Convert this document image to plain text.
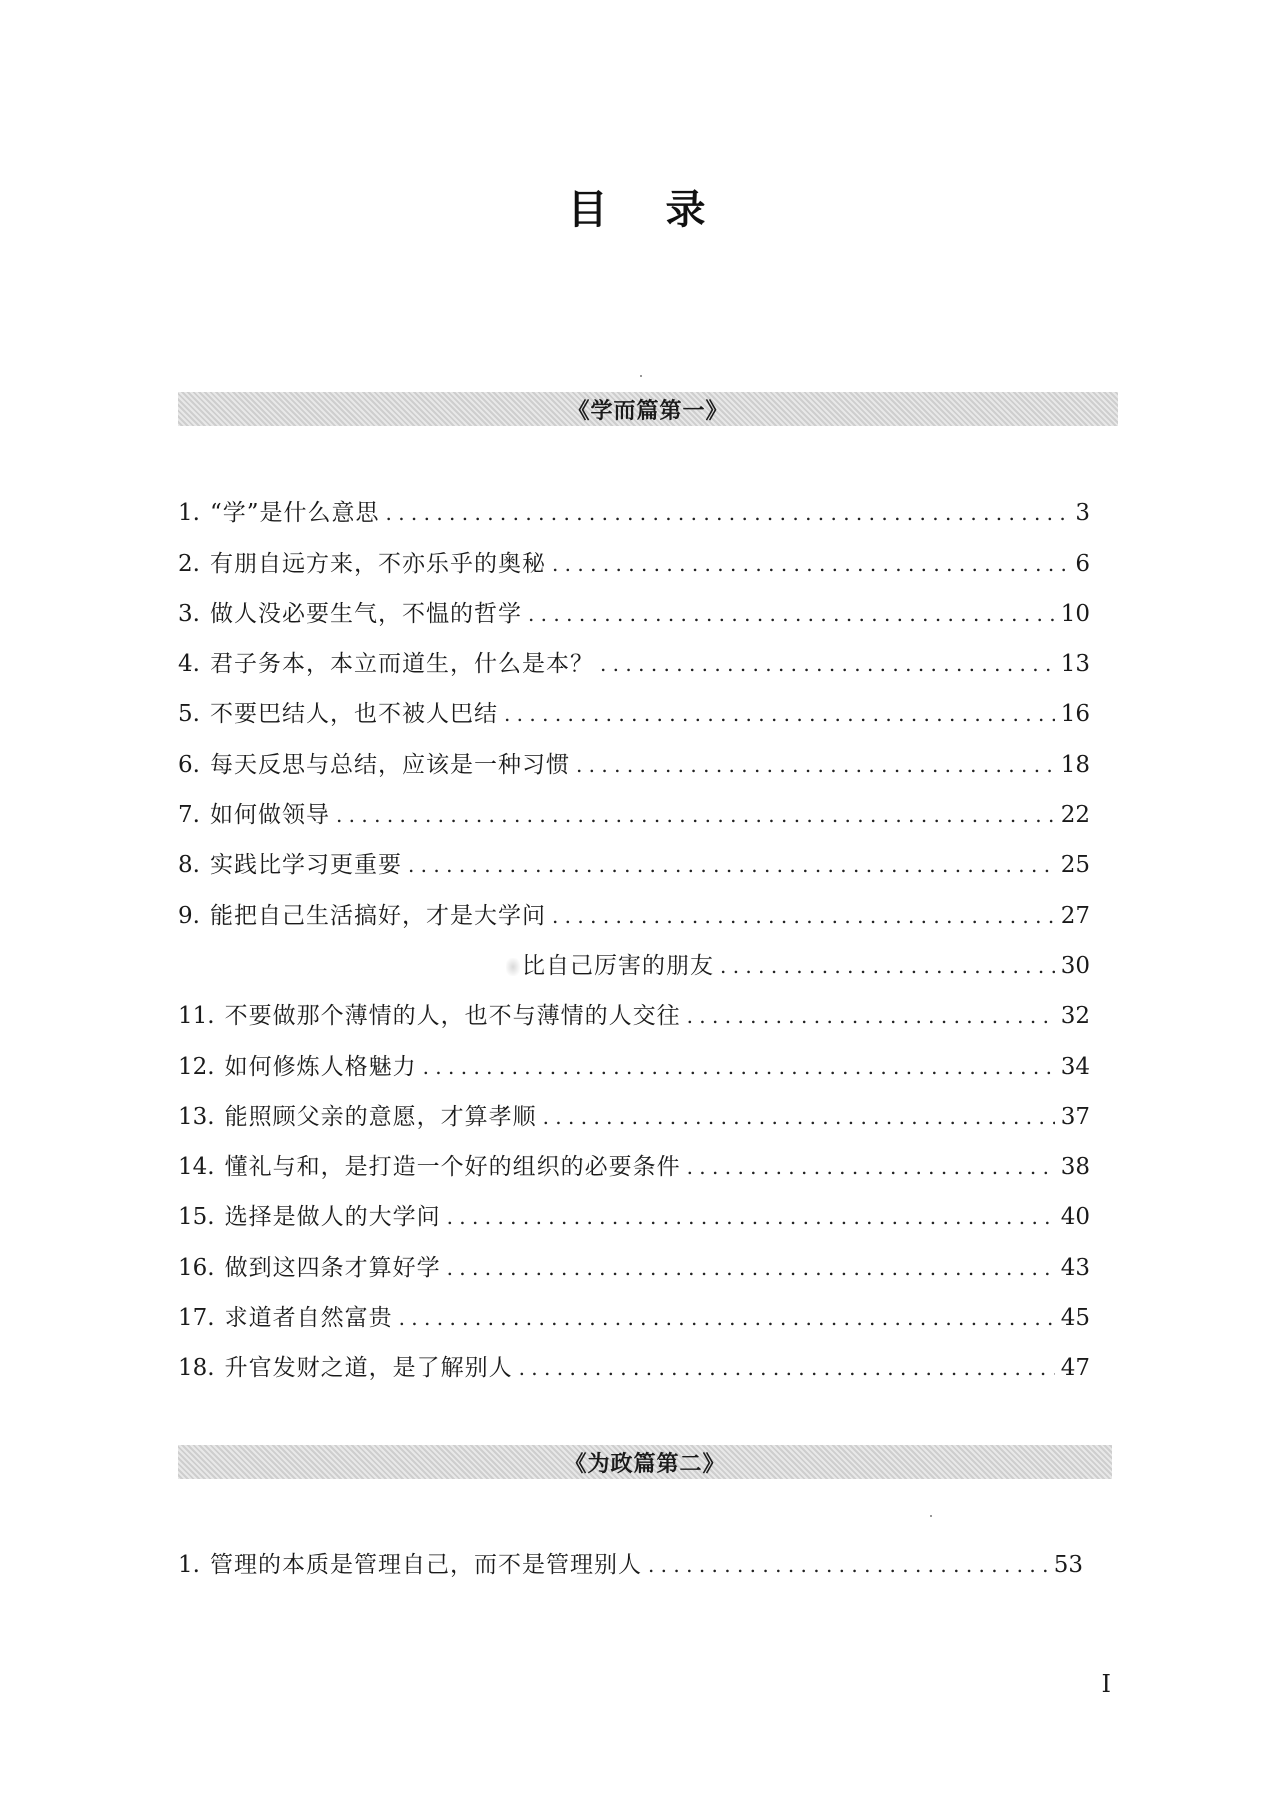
目 录
《学而篇第一》
1. “学”是什么意思 . . .	3
2. 有朋自远方来，不亦乐乎的奥秘 . . .	6
3. 做人没必要生气，不愠的哲学 . . .	10
4. 君子务本，本立而道生，什么是本？ . . .	13
5. 不要巴结人，也不被人巴结 . . .	16
6. 每天反思与总结，应该是一种习惯 . . .	18
7. 如何做领导 . . .	22
8. 实践比学习更重要 . . .	25
9. 能把自己生活搞好，才是大学问 . . .	27
比自己厉害的朋友 . . .	30
11. 不要做那个薄情的人，也不与薄情的人交往 . . .	32
12. 如何修炼人格魅力 . . .	34
13. 能照顾父亲的意愿，才算孝顺 . . .	37
14. 懂礼与和，是打造一个好的组织的必要条件 . . .	38
15. 选择是做人的大学问 . . .	40
16. 做到这四条才算好学 . . .	43
17. 求道者自然富贵 . . .	45
18. 升官发财之道，是了解别人 . . .	47
《为政篇第二》
1. 管理的本质是管理自己，而不是管理别人 . . .	53
I
